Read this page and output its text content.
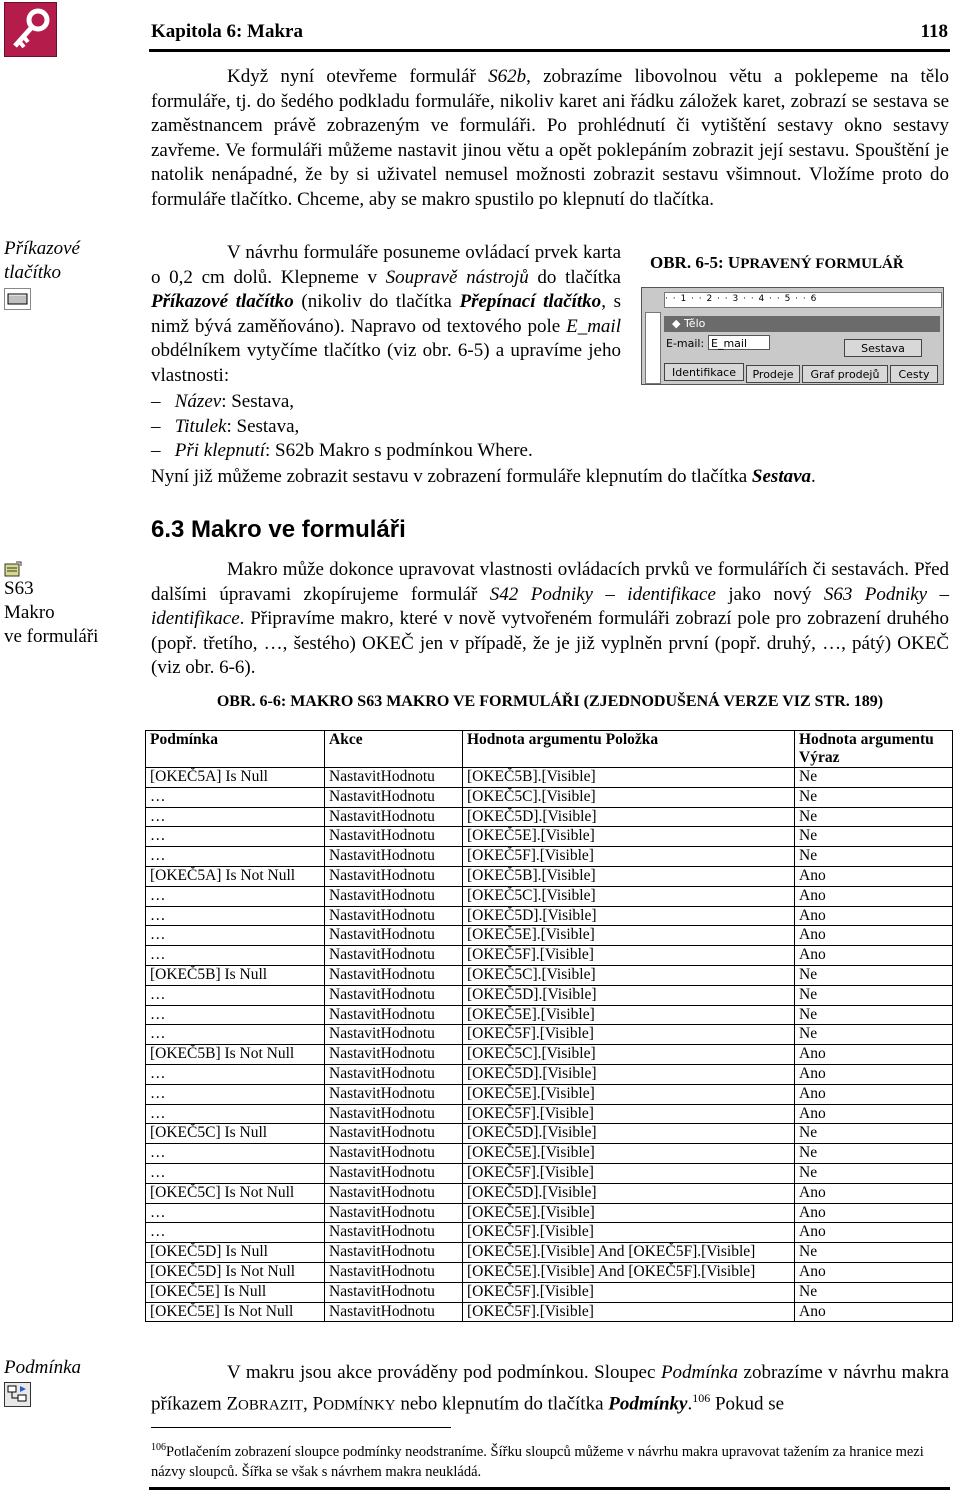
Kapitola 6: Makra	118
Příkazové
tlačítko
S63
Makro
ve formuláři
Podmínka

Když nyní otevřeme formulář S62b, zobrazíme libovolnou větu a poklepeme na tělo formuláře, tj. do šedého podkladu formuláře, nikoliv karet ani řádku záložek karet, zobrazí se sestava se zaměstnancem právě zobrazeným ve formuláři. Po prohlédnutí či vytištění sestavy okno sestavy zavřeme. Ve formuláři můžeme nastavit jinou větu a opět poklepáním zobrazit její sestavu. Spouštění je natolik nenápadné, že by si uživatel nemusel možnosti zobrazit sestavu všimnout. Vložíme proto do formuláře tlačítko. Chceme, aby se makro spustilo po klepnutí do tlačítka.

V návrhu formuláře posuneme ovládací prvek karta o 0,2 cm dolů. Klepneme v Soupravě nástrojů do tlačítka Příkazové tlačítko (nikoliv do tlačítka Přepínací tlačítko, s nimž bývá zaměňováno). Napravo od textového pole E_mail obdélníkem vytyčíme tlačítko (viz obr. 6-5) a upravíme jeho vlastnosti:

– Název: Sestava,
– Titulek: Sestava,
– Při klepnutí: S62b Makro s podmínkou Where.

Nyní již můžeme zobrazit sestavu v zobrazení formuláře klepnutím do tlačítka Sestava.

OBR. 6-5: UPRAVENÝ FORMULÁŘ
· · 1 · · 2 · · 3 · · 4 · · 5 · · 6
◆ Tělo
E-mail: E_mail	Sestava
Identifikace	Prodeje	Graf prodejů	Cesty
6.3 Makro ve formuláři

Makro může dokonce upravovat vlastnosti ovládacích prvků ve formulářích či sestavách. Před dalšími úpravami zkopírujeme formulář S42 Podniky – identifikace jako nový S63 Podniky – identifikace. Připravíme makro, které v nově vytvořeném formuláři zobrazí pole pro zobrazení druhého (popř. třetího, …, šestého) OKEČ jen v případě, že je již vyplněn první (popř. druhý, …, pátý) OKEČ (viz obr. 6-6).

OBR. 6-6: MAKRO S63 MAKRO VE FORMULÁŘI (ZJEDNODUŠENÁ VERZE VIZ STR. 189)
Podmínka	Akce	Hodnota argumentu Položka	Hodnota argumentu Výraz
[OKEČ5A] Is Null	NastavitHodnotu	[OKEČ5B].[Visible]	Ne
…	NastavitHodnotu	[OKEČ5C].[Visible]	Ne
…	NastavitHodnotu	[OKEČ5D].[Visible]	Ne
…	NastavitHodnotu	[OKEČ5E].[Visible]	Ne
…	NastavitHodnotu	[OKEČ5F].[Visible]	Ne
[OKEČ5A] Is Not Null	NastavitHodnotu	[OKEČ5B].[Visible]	Ano
…	NastavitHodnotu	[OKEČ5C].[Visible]	Ano
…	NastavitHodnotu	[OKEČ5D].[Visible]	Ano
…	NastavitHodnotu	[OKEČ5E].[Visible]	Ano
…	NastavitHodnotu	[OKEČ5F].[Visible]	Ano
[OKEČ5B] Is Null	NastavitHodnotu	[OKEČ5C].[Visible]	Ne
…	NastavitHodnotu	[OKEČ5D].[Visible]	Ne
…	NastavitHodnotu	[OKEČ5E].[Visible]	Ne
…	NastavitHodnotu	[OKEČ5F].[Visible]	Ne
[OKEČ5B] Is Not Null	NastavitHodnotu	[OKEČ5C].[Visible]	Ano
…	NastavitHodnotu	[OKEČ5D].[Visible]	Ano
…	NastavitHodnotu	[OKEČ5E].[Visible]	Ano
…	NastavitHodnotu	[OKEČ5F].[Visible]	Ano
[OKEČ5C] Is Null	NastavitHodnotu	[OKEČ5D].[Visible]	Ne
…	NastavitHodnotu	[OKEČ5E].[Visible]	Ne
…	NastavitHodnotu	[OKEČ5F].[Visible]	Ne
[OKEČ5C] Is Not Null	NastavitHodnotu	[OKEČ5D].[Visible]	Ano
…	NastavitHodnotu	[OKEČ5E].[Visible]	Ano
…	NastavitHodnotu	[OKEČ5F].[Visible]	Ano
[OKEČ5D] Is Null	NastavitHodnotu	[OKEČ5E].[Visible] And [OKEČ5F].[Visible]	Ne
[OKEČ5D] Is Not Null	NastavitHodnotu	[OKEČ5E].[Visible] And [OKEČ5F].[Visible]	Ano
[OKEČ5E] Is Null	NastavitHodnotu	[OKEČ5F].[Visible]	Ne
[OKEČ5E] Is Not Null	NastavitHodnotu	[OKEČ5F].[Visible]	Ano

V makru jsou akce prováděny pod podmínkou. Sloupec Podmínka zobrazíme v návrhu makra příkazem ZOBRAZIT, PODMÍNKY nebo klepnutím do tlačítka Podmínky.$^{106}$ Pokud se

$^{106}$Potlačením zobrazení sloupce podmínky neodstraníme. Šířku sloupců můžeme v návrhu makra upravovat tažením za hranice mezi názvy sloupců. Šířka se však s návrhem makra neukládá.
